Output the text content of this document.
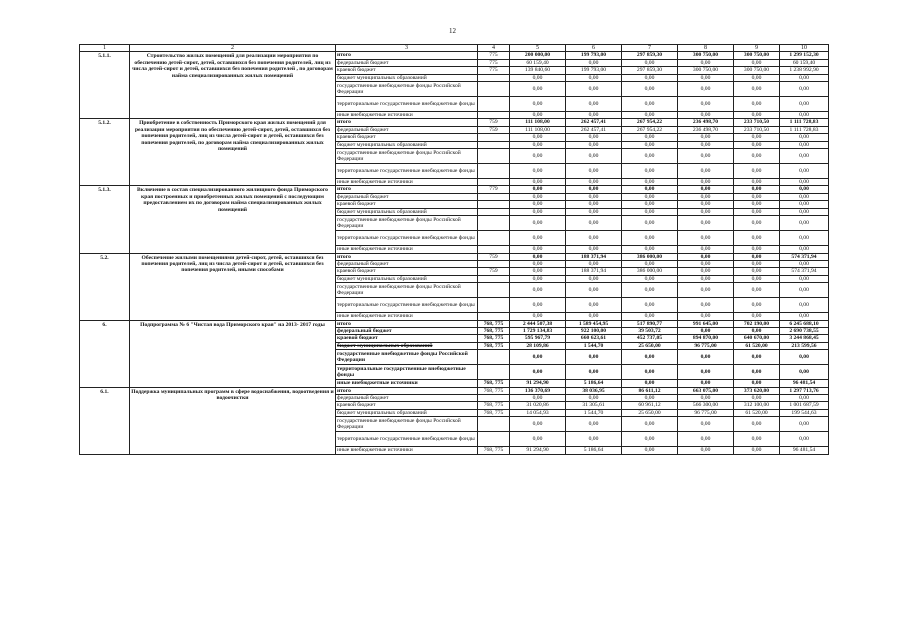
12
1	2	3	4	5	6	7	8	9	10
5.1.1.	Строительство жилых помещений для реализации мероприятия по обеспечению детей-сирот, детей, оставшихся без попечения родителей, лиц из числа детей-сирот и детей, оставшихся без попечения родителей , по договорам найма специализированных жилых помещений	итого	775	200 000,00	199 793,00	297 859,30	300 750,00	300 750,00	1 299 152,30
		федеральный бюджет	775	60 159,40	0,00	0,00	0,00	0,00	60 159,40
		краевой бюджет	775	139 840,60	199 793,00	297 859,30	300 750,00	300 750,00	1 238 992,90
		бюджет муниципальных образований		0,00	0,00	0,00	0,00	0,00	0,00
		государственные внебюджетные фонды Российской Федерации		0,00	0,00	0,00	0,00	0,00	0,00
		территориальные государственные внебюджетные фонды		0,00	0,00	0,00	0,00	0,00	0,00
		иные внебюджетные источники		0,00	0,00	0,00	0,00	0,00	0,00
5.1.2.	Приобретение в собственность Приморского края жилых помещений для реализации мероприятия по обеспечению детей-сирот, детей, оставшихся без попечения родителей, лиц из числа детей-сирот и детей, оставшихся без попечения родителей, по договорам найма специализированных жилых помещений	итого	759	111 108,00	262 457,41	267 954,22	236 498,70	233 710,50	1 111 728,83
		федеральный бюджет	759	111 108,00	262 457,41	267 954,22	236 498,70	233 710,50	1 111 728,83
		краевой бюджет		0,00	0,00	0,00	0,00	0,00	0,00
		бюджет муниципальных образований		0,00	0,00	0,00	0,00	0,00	0,00
		государственные внебюджетные фонды Российской Федерации		0,00	0,00	0,00	0,00	0,00	0,00
		территориальные государственные внебюджетные фонды		0,00	0,00	0,00	0,00	0,00	0,00
		иные внебюджетные источники		0,00	0,00	0,00	0,00	0,00	0,00
5.1.3.	Включение в состав специализированного жилищного фонда Приморского края построенных и приобретенных жилых помещений с последующим предоставлением их по договорам найма специализированных жилых помещений	итого	779	0,00	0,00	0,00	0,00	0,00	0,00
		федеральный бюджет		0,00	0,00	0,00	0,00	0,00	0,00
		краевой бюджет		0,00	0,00	0,00	0,00	0,00	0,00
		бюджет муниципальных образований		0,00	0,00	0,00	0,00	0,00	0,00
		государственные внебюджетные фонды Российской Федерации		0,00	0,00	0,00	0,00	0,00	0,00
		территориальные государственные внебюджетные фонды		0,00	0,00	0,00	0,00	0,00	0,00
		иные внебюджетные источники		0,00	0,00	0,00	0,00	0,00	0,00
5.2.	Обеспечение жилыми помещениями детей-сирот, детей, оставшихся без попечения родителей, лиц из числа детей-сирот и детей, оставшихся без попечения родителей, иными способами	итого	759	0,00	188 371,94	386 000,00	0,00	0,00	574 371,94
		федеральный бюджет		0,00	0,00	0,00	0,00	0,00	0,00
		краевой бюджет	759	0,00	188 371,94	386 000,00	0,00	0,00	574 371,94
		бюджет муниципальных образований		0,00	0,00	0,00	0,00	0,00	0,00
		государственные внебюджетные фонды Российской Федерации		0,00	0,00	0,00	0,00	0,00	0,00
		территориальные государственные внебюджетные фонды		0,00	0,00	0,00	0,00	0,00	0,00
		иные внебюджетные источники		0,00	0,00	0,00	0,00	0,00	0,00
6.	Подпрограмма № 6 "Чистая вода Приморского края" на 2013- 2017 годы	итого	768, 775	2 444 507,38	1 589 454,95	517 890,77	991 645,00	702 190,00	6 245 688,10
		федеральный бюджет	768, 775	1 729 134,83	922 100,00	39 503,72	0,00	0,00	2 690 738,55
		краевой бюджет	768, 775	595 967,79	660 623,61	452 737,05	894 870,00	640 670,00	3 244 868,45
		бюджет муниципальных образований	768, 775	28 109,86	1 544,70	25 650,00	96 775,00	61 520,00	213 599,56
		государственные внебюджетные фонды Российской Федерации		0,00	0,00	0,00	0,00	0,00	0,00
		территориальные государственные внебюджетные фонды		0,00	0,00	0,00	0,00	0,00	0,00
		иные внебюджетные источники	768, 775	91 294,90	5 186,64	0,00	0,00	0,00	96 481,54
6.1.	Поддержка муниципальных программ в сфере водоснабжения, водоотведения и водоочистки	итого	768, 775	136 370,69	38 036,95	86 611,12	663 075,00	373 620,00	1 297 713,76
		федеральный бюджет		0,00	0,00	0,00	0,00	0,00	0,00
		краевой бюджет	768, 775	31 020,86	31 305,61	60 961,12	566 300,00	312 100,00	1 001 687,59
		бюджет муниципальных образований	768, 775	14 054,93	1 544,70	25 650,00	96 775,00	61 520,00	199 544,63
		государственные внебюджетные фонды Российской Федерации		0,00	0,00	0,00	0,00	0,00	0,00
		территориальные государственные внебюджетные фонды		0,00	0,00	0,00	0,00	0,00	0,00
		иные внебюджетные источники	768, 775	91 294,90	5 186,64	0,00	0,00	0,00	96 481,54
